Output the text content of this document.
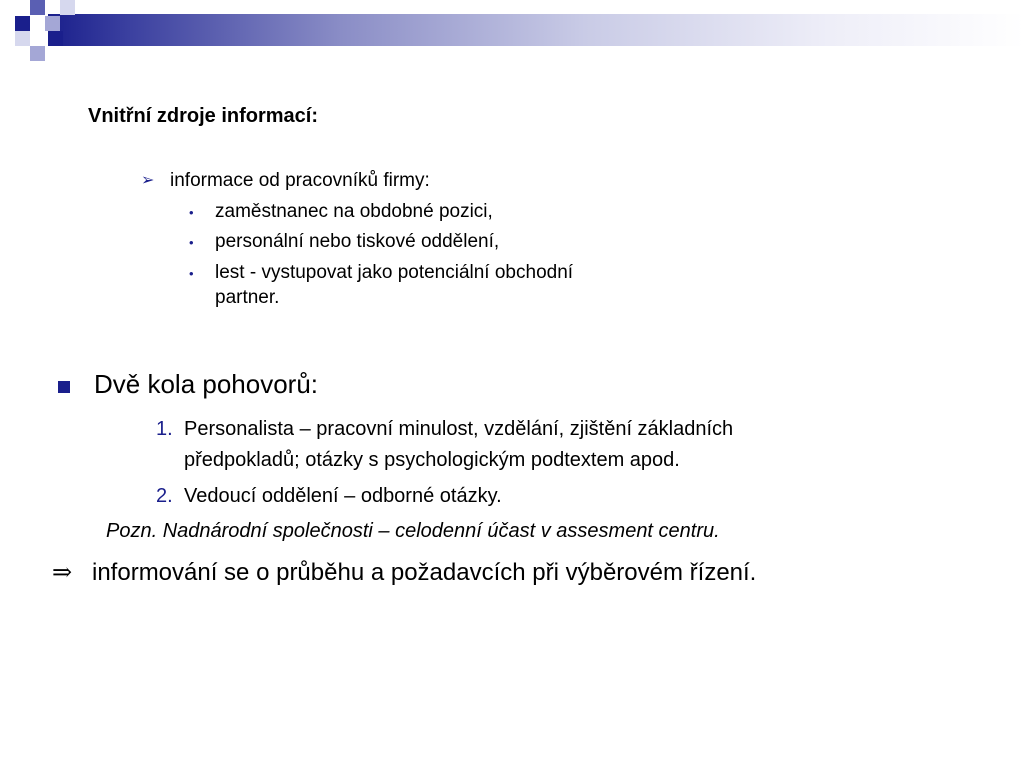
Vnitřní zdroje informací:
➢ informace od pracovníků firmy:
• zaměstnanec na obdobné pozici,
• personální nebo tiskové oddělení,
• lest - vystupovat jako potenciální obchodní
partner.
Dvě kola pohovorů:
1. Personalista – pracovní minulost, vzdělání, zjištění základních
předpokladů; otázky s psychologickým podtextem apod.
2. Vedoucí oddělení – odborné otázky.
Pozn. Nadnárodní společnosti – celodenní účast v assesment centru.
⇒ informování se o průběhu a požadavcích při výběrovém řízení.
